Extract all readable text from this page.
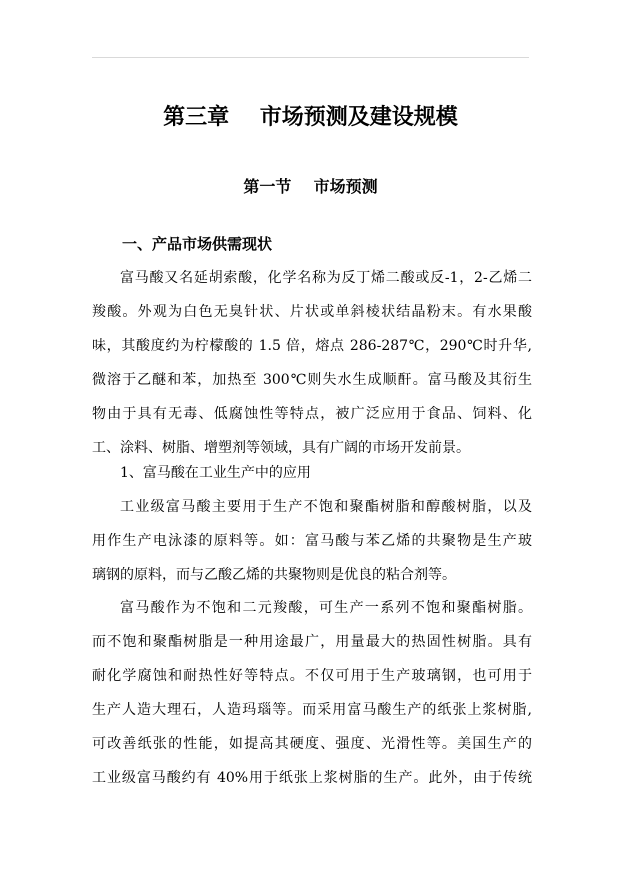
第三章    市场预测及建设规模
第一节    市场预测
一、产品市场供需现状
富马酸又名延胡索酸，化学名称为反丁烯二酸或反-1，2-乙烯二
羧酸。外观为白色无臭针状、片状或单斜棱状结晶粉末。有水果酸
味，其酸度约为柠檬酸的 1.5 倍，熔点 286-287℃，290℃时升华,
微溶于乙醚和苯，加热至 300℃则失水生成顺酐。富马酸及其衍生
物由于具有无毒、低腐蚀性等特点，被广泛应用于食品、饲料、化
工、涂料、树脂、增塑剂等领域，具有广阔的市场开发前景。

1、富马酸在工业生产中的应用

工业级富马酸主要用于生产不饱和聚酯树脂和醇酸树脂，以及
用作生产电泳漆的原料等。如：富马酸与苯乙烯的共聚物是生产玻
璃钢的原料，而与乙酸乙烯的共聚物则是优良的粘合剂等。
富马酸作为不饱和二元羧酸，可生产一系列不饱和聚酯树脂。
而不饱和聚酯树脂是一种用途最广，用量最大的热固性树脂。具有
耐化学腐蚀和耐热性好等特点。不仅可用于生产玻璃钢，也可用于
生产人造大理石，人造玛瑙等。而采用富马酸生产的纸张上浆树脂,
可改善纸张的性能，如提高其硬度、强度、光滑性等。美国生产的
工业级富马酸约有 40%用于纸张上浆树脂的生产。此外，由于传统
